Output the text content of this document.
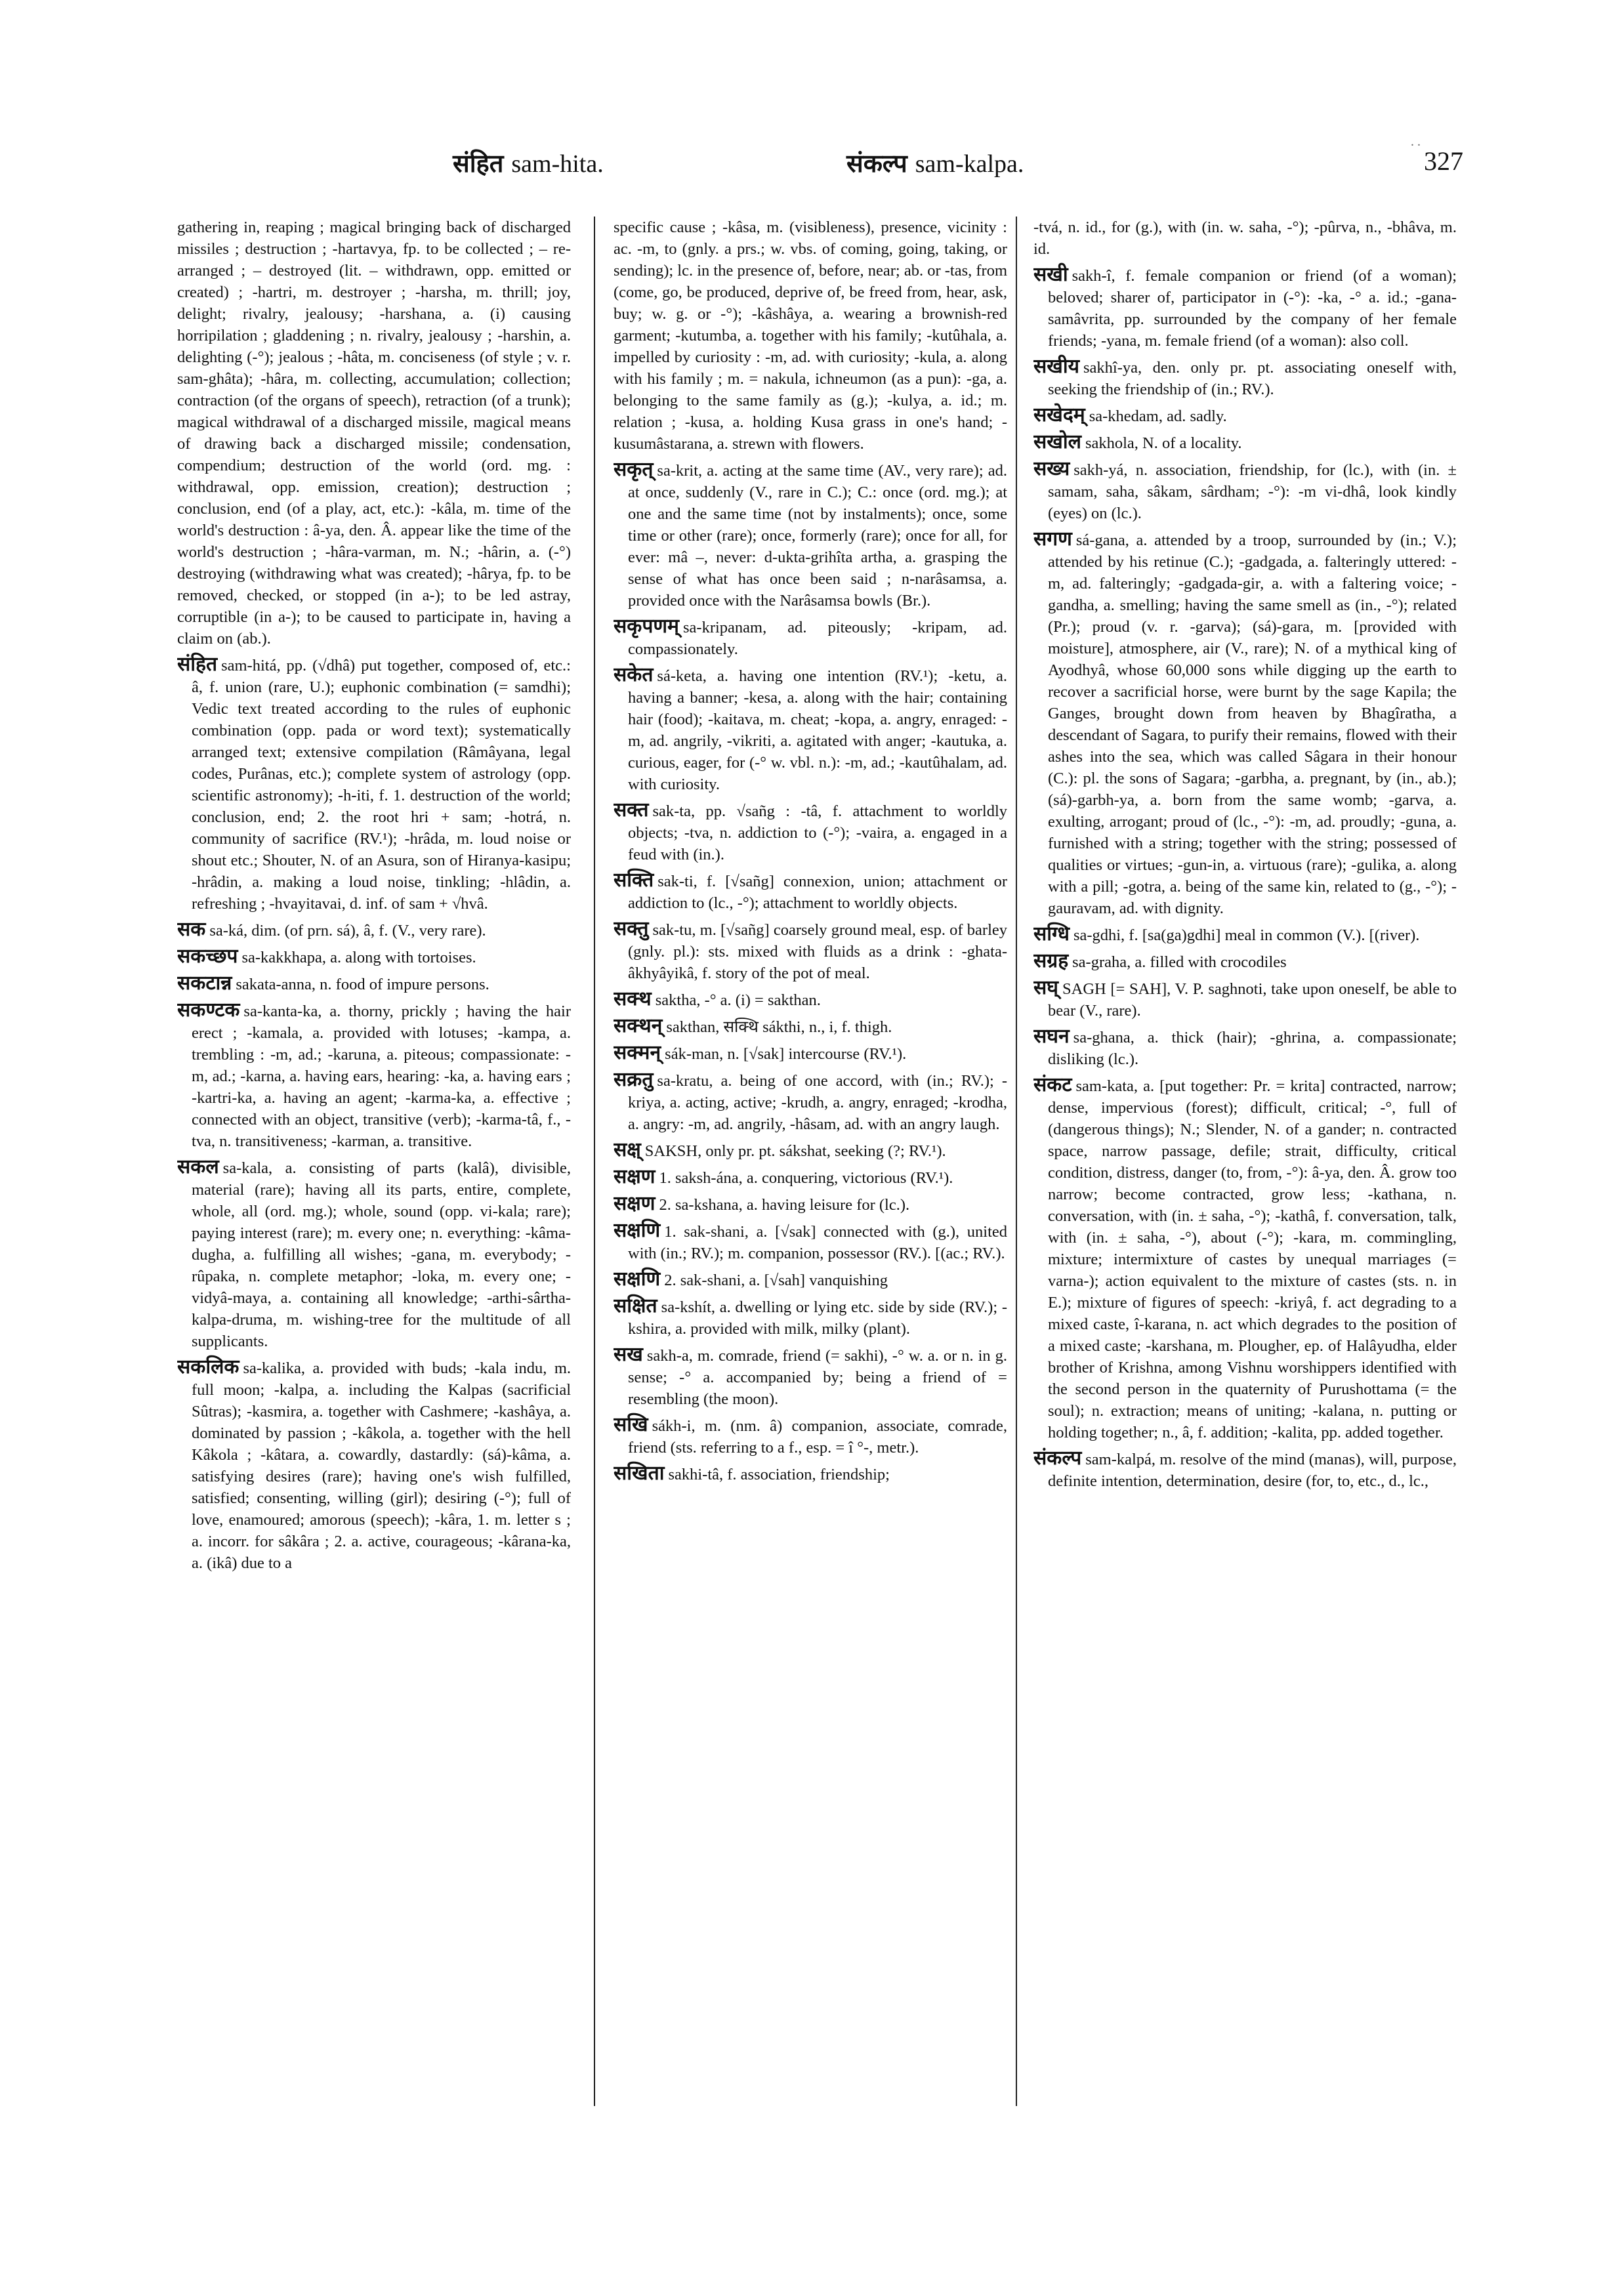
. .
संहित sam-hita.	संकल्प sam-kalpa.	327

gathering in, reaping ; magical bringing back of discharged missiles ; destruction ; -hartavya, fp. to be collected ; – re-arranged ; – destroyed (lit. – withdrawn, opp. emitted or created) ; -hartri, m. destroyer ; -harsha, m. thrill; joy, delight; rivalry, jealousy; -harshana, a. (i) causing horripilation ; gladdening ; n. rivalry, jealousy ; -harshin, a. delighting (-°); jealous ; -hâta, m. conciseness (of style ; v. r. sam-ghâta); -hâra, m. collecting, accumulation; collection; contraction (of the organs of speech), retraction (of a trunk); magical withdrawal of a discharged missile, magical means of drawing back a discharged missile; condensation, compendium; destruction of the world (ord. mg. : withdrawal, opp. emission, creation); destruction ; conclusion, end (of a play, act, etc.): -kâla, m. time of the world's destruction : â-ya, den. Â. appear like the time of the world's destruction ; -hâra-varman, m. N.; -hârin, a. (-°) destroying (withdrawing what was created); -hârya, fp. to be removed, checked, or stopped (in a-); to be led astray, corruptible (in a-); to be caused to participate in, having a claim on (ab.).

संहित sam-hitá, pp. (√dhâ) put together, composed of, etc.: â, f. union (rare, U.); euphonic combination (= samdhi); Vedic text treated according to the rules of euphonic combination (opp. pada or word text); systematically arranged text; extensive compilation (Râmâyana, legal codes, Purânas, etc.); complete system of astrology (opp. scientific astronomy); -h-iti, f. 1. destruction of the world; conclusion, end; 2. the root hri + sam; -hotrá, n. community of sacrifice (RV.¹); -hrâda, m. loud noise or shout etc.; Shouter, N. of an Asura, son of Hiranya-kasipu; -hrâdin, a. making a loud noise, tinkling; -hlâdin, a. refreshing ; -hvayitavai, d. inf. of sam + √hvâ.

सक sa-ká, dim. (of prn. sá), â, f. (V., very rare).

सकच्छप sa-kakkhapa, a. along with tortoises.

सकटान्न sakata-anna, n. food of impure persons.

सकण्टक sa-kanta-ka, a. thorny, prickly ; having the hair erect ; -kamala, a. provided with lotuses; -kampa, a. trembling : -m, ad.; -karuna, a. piteous; compassionate: -m, ad.; -karna, a. having ears, hearing: -ka, a. having ears ; -kartri-ka, a. having an agent; -karma-ka, a. effective ; connected with an object, transitive (verb); -karma-tâ, f., -tva, n. transitiveness; -karman, a. transitive.

सकल sa-kala, a. consisting of parts (kalâ), divisible, material (rare); having all its parts, entire, complete, whole, all (ord. mg.); whole, sound (opp. vi-kala; rare); paying interest (rare); m. every one; n. everything: -kâma-dugha, a. fulfilling all wishes; -gana, m. everybody; -rûpaka, n. complete metaphor; -loka, m. every one; -vidyâ-maya, a. containing all knowledge; -arthi-sârtha-kalpa-druma, m. wishing-tree for the multitude of all supplicants.

सकलिक sa-kalika, a. provided with buds; -kala indu, m. full moon; -kalpa, a. including the Kalpas (sacrificial Sûtras); -kasmira, a. together with Cashmere; -kashâya, a. dominated by passion ; -kâkola, a. together with the hell Kâkola ; -kâtara, a. cowardly, dastardly: (sá)-kâma, a. satisfying desires (rare); having one's wish fulfilled, satisfied; consenting, willing (girl); desiring (-°); full of love, enamoured; amorous (speech); -kâra, 1. m. letter s ; a. incorr. for sâkâra ; 2. a. active, courageous; -kârana-ka, a. (ikâ) due to a

specific cause ; -kâsa, m. (visibleness), presence, vicinity : ac. -m, to (gnly. a prs.; w. vbs. of coming, going, taking, or sending); lc. in the presence of, before, near; ab. or -tas, from (come, go, be produced, deprive of, be freed from, hear, ask, buy; w. g. or -°); -kâshâya, a. wearing a brownish-red garment; -kutumba, a. together with his family; -kutûhala, a. impelled by curiosity : -m, ad. with curiosity; -kula, a. along with his family ; m. = nakula, ichneumon (as a pun): -ga, a. belonging to the same family as (g.); -kulya, a. id.; m. relation ; -kusa, a. holding Kusa grass in one's hand; -kusumâstarana, a. strewn with flowers.

सकृत् sa-krit, a. acting at the same time (AV., very rare); ad. at once, suddenly (V., rare in C.); C.: once (ord. mg.); at one and the same time (not by instalments); once, some time or other (rare); once, formerly (rare); once for all, for ever: mâ –, never: d-ukta-grihîta artha, a. grasping the sense of what has once been said ; n-narâsamsa, a. provided once with the Narâsamsa bowls (Br.).

सकृपणम् sa-kripanam, ad. piteously; -kripam, ad. compassionately.

सकेत sá-keta, a. having one intention (RV.¹); -ketu, a. having a banner; -kesa, a. along with the hair; containing hair (food); -kaitava, m. cheat; -kopa, a. angry, enraged: -m, ad. angrily, -vikriti, a. agitated with anger; -kautuka, a. curious, eager, for (-° w. vbl. n.): -m, ad.; -kautûhalam, ad. with curiosity.

सक्त sak-ta, pp. √sañg : -tâ, f. attachment to worldly objects; -tva, n. addiction to (-°); -vaira, a. engaged in a feud with (in.).

सक्ति sak-ti, f. [√sañg] connexion, union; attachment or addiction to (lc., -°); attachment to worldly objects.

सक्तु sak-tu, m. [√sañg] coarsely ground meal, esp. of barley (gnly. pl.): sts. mixed with fluids as a drink : -ghata-âkhyâyikâ, f. story of the pot of meal.

सक्थ saktha, -° a. (i) = sakthan.

सक्थन् sakthan, सक्थि sákthi, n., i, f. thigh.

सक्मन् sák-man, n. [√sak] intercourse (RV.¹).

सक्रतु sa-kratu, a. being of one accord, with (in.; RV.); -kriya, a. acting, active; -krudh, a. angry, enraged; -krodha, a. angry: -m, ad. angrily, -hâsam, ad. with an angry laugh.

सक्ष् SAKSH, only pr. pt. sákshat, seeking (?; RV.¹).

सक्षण 1. saksh-ána, a. conquering, victorious (RV.¹).

सक्षण 2. sa-kshana, a. having leisure for (lc.).

सक्षणि 1. sak-shani, a. [√sak] connected with (g.), united with (in.; RV.); m. companion, possessor (RV.). [(ac.; RV.).

सक्षणि 2. sak-shani, a. [√sah] vanquishing

सक्षित sa-kshít, a. dwelling or lying etc. side by side (RV.); -kshira, a. provided with milk, milky (plant).

सख sakh-a, m. comrade, friend (= sakhi), -° w. a. or n. in g. sense; -° a. accompanied by; being a friend of = resembling (the moon).

सखि sákh-i, m. (nm. â) companion, associate, comrade, friend (sts. referring to a f., esp. = î °-, metr.).

सखिता sakhi-tâ, f. association, friendship;

-tvá, n. id., for (g.), with (in. w. saha, -°); -pûrva, n., -bhâva, m. id.

सखी sakh-î, f. female companion or friend (of a woman); beloved; sharer of, participator in (-°): -ka, -° a. id.; -gana-samâvrita, pp. surrounded by the company of her female friends; -yana, m. female friend (of a woman): also coll.

सखीय sakhî-ya, den. only pr. pt. associating oneself with, seeking the friendship of (in.; RV.).

सखेदम् sa-khedam, ad. sadly.

सखोल sakhola, N. of a locality.

सख्य sakh-yá, n. association, friendship, for (lc.), with (in. ± samam, saha, sâkam, sârdham; -°): -m vi-dhâ, look kindly (eyes) on (lc.).

सगण sá-gana, a. attended by a troop, surrounded by (in.; V.); attended by his retinue (C.); -gadgada, a. falteringly uttered: -m, ad. falteringly; -gadgada-gir, a. with a faltering voice; -gandha, a. smelling; having the same smell as (in., -°); related (Pr.); proud (v. r. -garva); (sá)-gara, m. [provided with moisture], atmosphere, air (V., rare); N. of a mythical king of Ayodhyâ, whose 60,000 sons while digging up the earth to recover a sacrificial horse, were burnt by the sage Kapila; the Ganges, brought down from heaven by Bhagîratha, a descendant of Sagara, to purify their remains, flowed with their ashes into the sea, which was called Sâgara in their honour (C.): pl. the sons of Sagara; -garbha, a. pregnant, by (in., ab.); (sá)-garbh-ya, a. born from the same womb; -garva, a. exulting, arrogant; proud of (lc., -°): -m, ad. proudly; -guna, a. furnished with a string; together with the string; possessed of qualities or virtues; -gun-in, a. virtuous (rare); -gulika, a. along with a pill; -gotra, a. being of the same kin, related to (g., -°); -gauravam, ad. with dignity.

सग्धि sa-gdhi, f. [sa(ga)gdhi] meal in common (V.). [(river).

सग्रह sa-graha, a. filled with crocodiles

सघ् SAGH [= SAH], V. P. saghnoti, take upon oneself, be able to bear (V., rare).

सघन sa-ghana, a. thick (hair); -ghrina, a. compassionate; disliking (lc.).

संकट sam-kata, a. [put together: Pr. = krita] contracted, narrow; dense, impervious (forest); difficult, critical; -°, full of (dangerous things); N.; Slender, N. of a gander; n. contracted space, narrow passage, defile; strait, difficulty, critical condition, distress, danger (to, from, -°): â-ya, den. Â. grow too narrow; become contracted, grow less; -kathana, n. conversation, with (in. ± saha, -°); -kathâ, f. conversation, talk, with (in. ± saha, -°), about (-°); -kara, m. commingling, mixture; intermixture of castes by unequal marriages (= varna-); action equivalent to the mixture of castes (sts. n. in E.); mixture of figures of speech: -kriyâ, f. act degrading to a mixed caste, î-karana, n. act which degrades to the position of a mixed caste; -karshana, m. Plougher, ep. of Halâyudha, elder brother of Krishna, among Vishnu worshippers identified with the second person in the quaternity of Purushottama (= the soul); n. extraction; means of uniting; -kalana, n. putting or holding together; n., â, f. addition; -kalita, pp. added together.

संकल्प sam-kalpá, m. resolve of the mind (manas), will, purpose, definite intention, determination, desire (for, to, etc., d., lc.,
